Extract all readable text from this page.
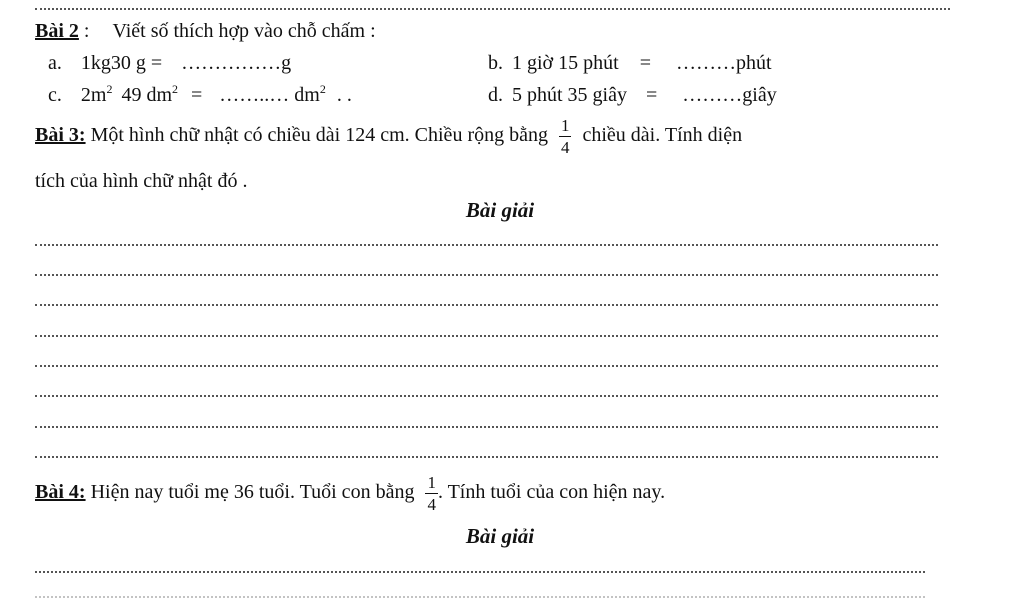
Bài 2 : Viết số thích hợp vào chỗ chấm :
a. 1kg30 g = ……………g	b. 1 giờ 15 phút = ………phút
c. $2m^2$ 49 $dm^2$ = ……..… $dm^2$ . .	d. 5 phút 35 giây = ………giây
Bài 3: Một hình chữ nhật có chiều dài 124 cm. Chiều rộng bằng $\frac{1}{4}$ chiều dài. Tính diện
tích của hình chữ nhật đó .
Bài giải
Bài 4: Hiện nay tuổi mẹ 36 tuổi. Tuổi con bằng $\frac{1}{4}$ . Tính tuổi của con hiện nay.
Bài giải
